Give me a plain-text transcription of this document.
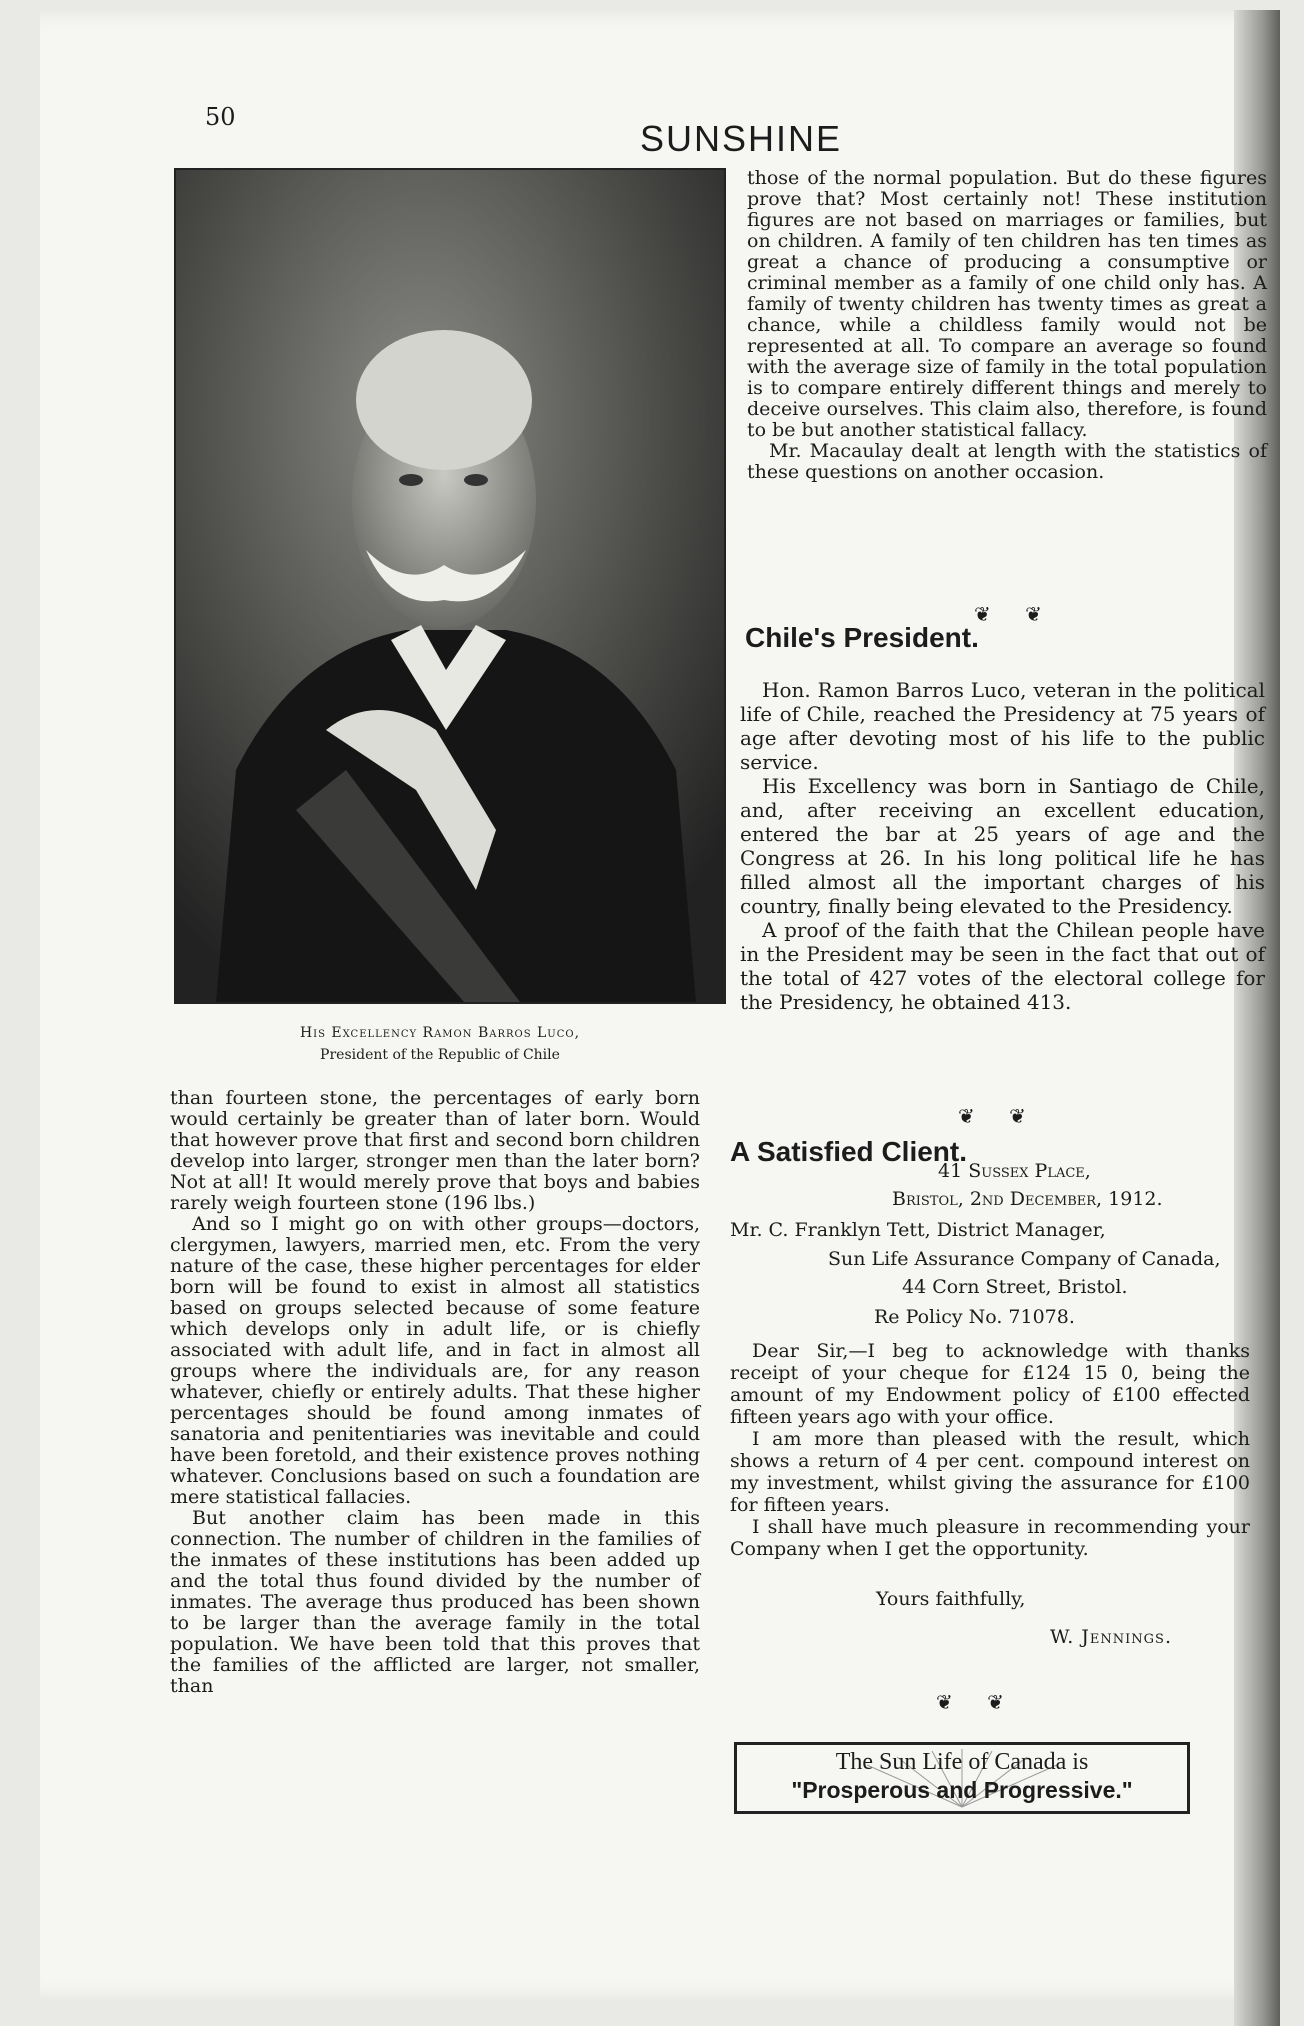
50
SUNSHINE
His Excellency Ramon Barros Luco,
President of the Republic of Chile

than fourteen stone, the percentages of early born would certainly be greater than of later born. Would that however prove that first and second born children develop into larger, stronger men than the later born? Not at all! It would merely prove that boys and babies rarely weigh fourteen stone (196 lbs.)

And so I might go on with other groups—doctors, clergymen, lawyers, married men, etc. From the very nature of the case, these higher percentages for elder born will be found to exist in almost all statistics based on groups selected because of some feature which develops only in adult life, or is chiefly associated with adult life, and in fact in almost all groups where the individuals are, for any reason whatever, chiefly or entirely adults. That these higher percentages should be found among inmates of sanatoria and penitentiaries was inevitable and could have been foretold, and their existence proves nothing whatever. Conclusions based on such a foundation are mere statistical fallacies.

But another claim has been made in this connection. The number of children in the families of the inmates of these institutions has been added up and the total thus found divided by the number of inmates. The average thus produced has been shown to be larger than the average family in the total population. We have been told that this proves that the families of the afflicted are larger, not smaller, than

those of the normal population. But do these figures prove that? Most certainly not! These institution figures are not based on marriages or families, but on children. A family of ten children has ten times as great a chance of producing a consumptive or criminal member as a family of one child only has. A family of twenty children has twenty times as great a chance, while a childless family would not be represented at all. To compare an average so found with the average size of family in the total population is to compare entirely different things and merely to deceive ourselves. This claim also, therefore, is found to be but another statistical fallacy.

Mr. Macaulay dealt at length with the statistics of these questions on another occasion.

❦ ❦
Chile's President.

Hon. Ramon Barros Luco, veteran in the political life of Chile, reached the Presidency at 75 years of age after devoting most of his life to the public service.

His Excellency was born in Santiago de Chile, and, after receiving an excellent education, entered the bar at 25 years of age and the Congress at 26. In his long political life he has filled almost all the important charges of his country, finally being elevated to the Presidency.

A proof of the faith that the Chilean people have in the President may be seen in the fact that out of the total of 427 votes of the electoral college for the Presidency, he obtained 413.

❦ ❦
A Satisfied Client.
41 Sussex Place,
Bristol, 2nd December, 1912.
Mr. C. Franklyn Tett, District Manager,
Sun Life Assurance Company of Canada,
44 Corn Street, Bristol.
Re Policy No. 71078.

Dear Sir,—I beg to acknowledge with thanks receipt of your cheque for £124 15 0, being the amount of my Endowment policy of £100 effected fifteen years ago with your office.

I am more than pleased with the result, which shows a return of 4 per cent. compound interest on my investment, whilst giving the assurance for £100 for fifteen years.

I shall have much pleasure in recommending your Company when I get the opportunity.

Yours faithfully,
W. Jennings.
❦ ❦
The Sun Life of Canada is
"Prosperous and Progressive."
